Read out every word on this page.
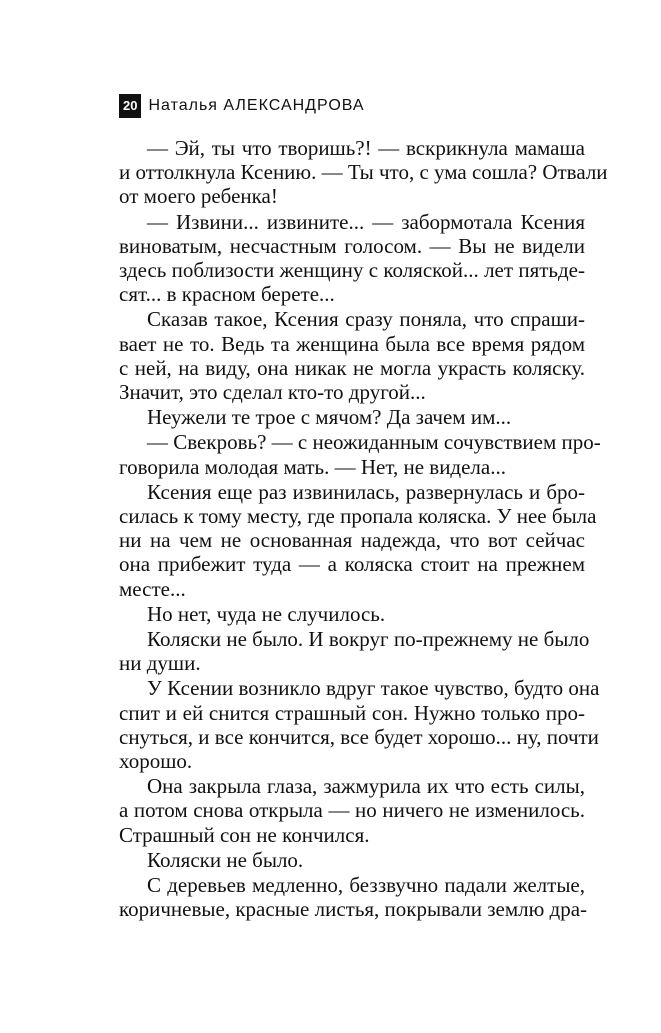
20 Наталья АЛЕКСАНДРОВА

— Эй, ты что творишь?! — вскрикнула мамаша
и оттолкнула Ксению. — Ты что, с ума сошла? Отвали
от моего ребенка!

— Извини... извините... — забормотала Ксения
виноватым, несчастным голосом. — Вы не видели
здесь поблизости женщину с коляской... лет пятьде-
сят... в красном берете...

Сказав такое, Ксения сразу поняла, что спраши-
вает не то. Ведь та женщина была все время рядом
с ней, на виду, она никак не могла украсть коляску.
Значит, это сделал кто-то другой...

Неужели те трое с мячом? Да зачем им...

— Свекровь? — с неожиданным сочувствием про-
говорила молодая мать. — Нет, не видела...

Ксения еще раз извинилась, развернулась и бро-
силась к тому месту, где пропала коляска. У нее была
ни на чем не основанная надежда, что вот сейчас
она прибежит туда — а коляска стоит на прежнем
месте...

Но нет, чуда не случилось.

Коляски не было. И вокруг по-прежнему не было
ни души.

У Ксении возникло вдруг такое чувство, будто она
спит и ей снится страшный сон. Нужно только про-
снуться, и все кончится, все будет хорошо... ну, почти
хорошо.

Она закрыла глаза, зажмурила их что есть силы,
а потом снова открыла — но ничего не изменилось.
Страшный сон не кончился.

Коляски не было.

С деревьев медленно, беззвучно падали желтые,
коричневые, красные листья, покрывали землю дра-
